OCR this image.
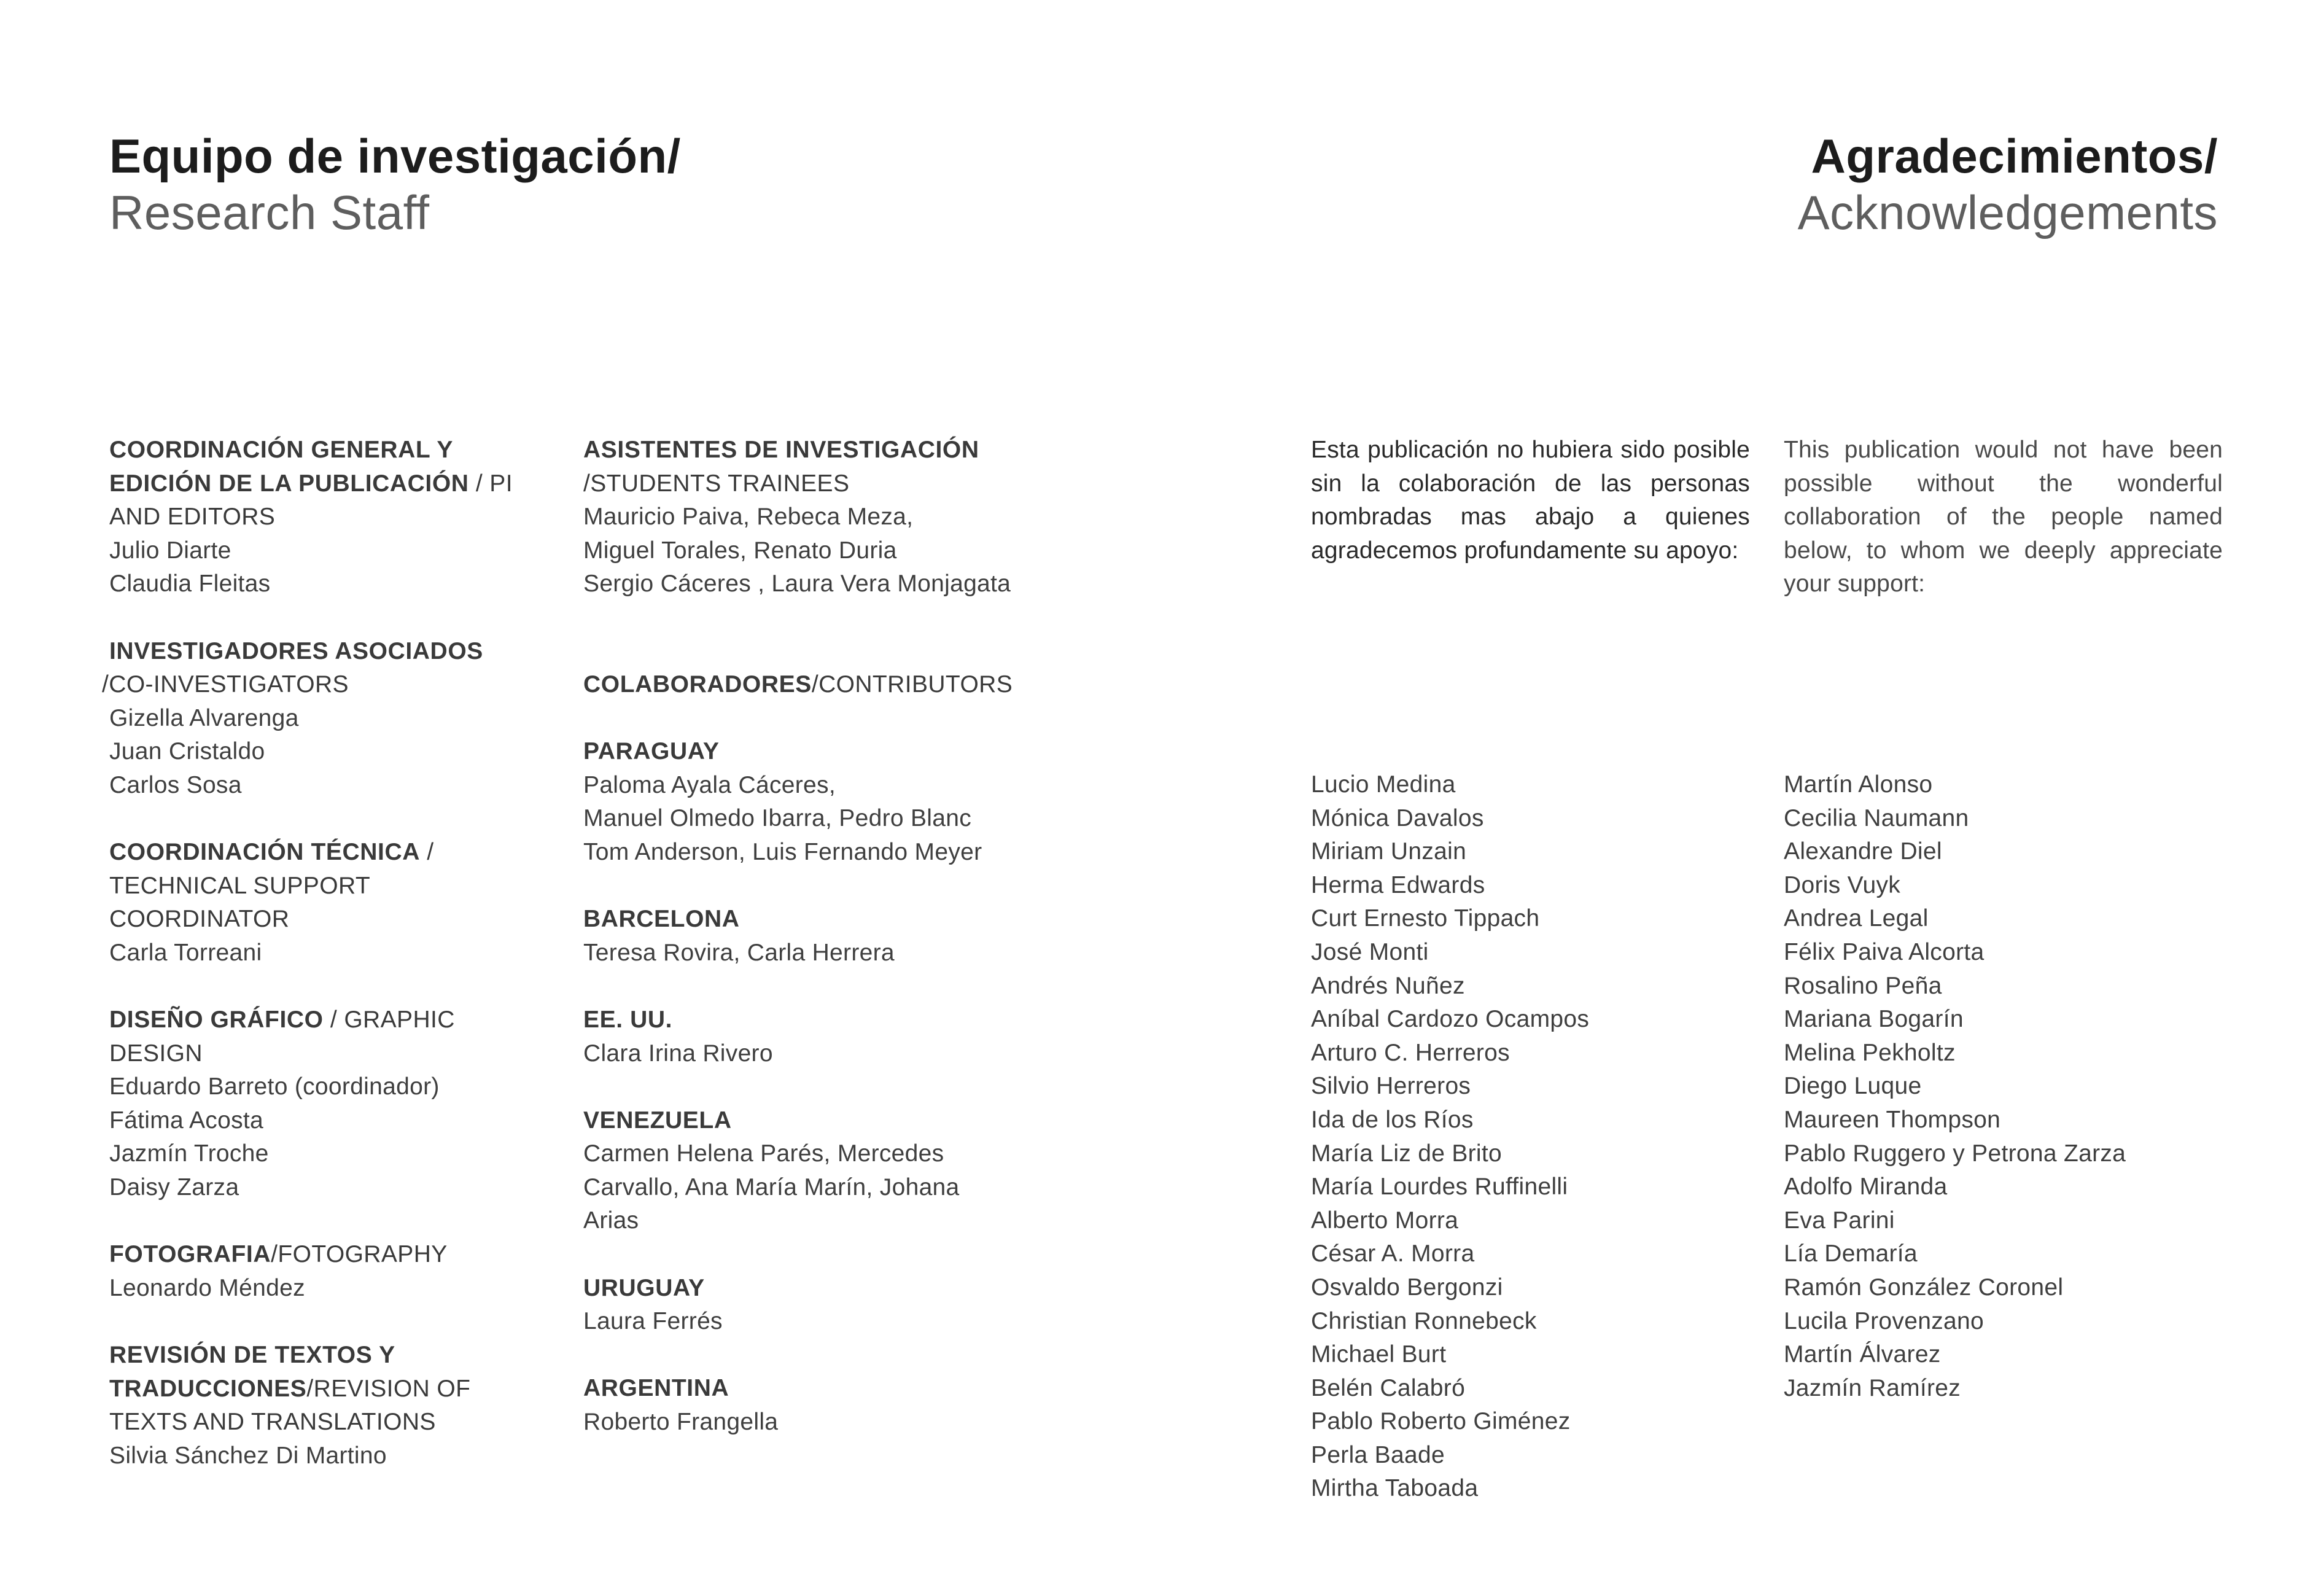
Equipo de investigación/
Research Staff
Agradecimientos/
Acknowledgements
COORDINACIÓN GENERAL Y EDICIÓN DE LA PUBLICACIÓN / PI AND EDITORS
Julio Diarte
Claudia Fleitas
INVESTIGADORES ASOCIADOS
/CO-INVESTIGATORS
Gizella Alvarenga
Juan Cristaldo
Carlos Sosa
COORDINACIÓN TÉCNICA / TECHNICAL SUPPORT COORDINATOR
Carla Torreani
DISEÑO GRÁFICO / GRAPHIC DESIGN
Eduardo Barreto (coordinador)
Fátima Acosta
Jazmín Troche
Daisy Zarza
FOTOGRAFIA/FOTOGRAPHY
Leonardo Méndez
REVISIÓN DE TEXTOS Y TRADUCCIONES/REVISION OF TEXTS AND TRANSLATIONS
Silvia Sánchez Di Martino
ASISTENTES DE INVESTIGACIÓN
/STUDENTS TRAINEES
Mauricio Paiva, Rebeca Meza,
Miguel Torales, Renato Duria
Sergio Cáceres , Laura Vera Monjagata
COLABORADORES/CONTRIBUTORS
PARAGUAY
Paloma Ayala Cáceres,
Manuel Olmedo Ibarra, Pedro Blanc
Tom Anderson, Luis Fernando Meyer
BARCELONA
Teresa Rovira, Carla Herrera
EE. UU.
Clara Irina Rivero
VENEZUELA
Carmen Helena Parés, Mercedes Carvallo, Ana María Marín, Johana Arias
URUGUAY
Laura Ferrés
ARGENTINA
Roberto Frangella

Esta publicación no hubiera sido posible sin la colaboración de las personas nombradas mas abajo a quienes agradecemos profundamente su apoyo:

This publication would not have been possible without the wonderful collaboration of the people named below, to whom we deeply appreciate your support:

Lucio Medina
Mónica Davalos
Miriam Unzain
Herma Edwards
Curt Ernesto Tippach
José Monti
Andrés Nuñez
Aníbal Cardozo Ocampos
Arturo C. Herreros
Silvio Herreros
Ida de los Ríos
María Liz de Brito
María Lourdes Ruffinelli
Alberto Morra
César A. Morra
Osvaldo Bergonzi
Christian Ronnebeck
Michael Burt
Belén Calabró
Pablo Roberto Giménez
Perla Baade
Mirtha Taboada
Martín Alonso
Cecilia Naumann
Alexandre Diel
Doris Vuyk
Andrea Legal
Félix Paiva Alcorta
Rosalino Peña
Mariana Bogarín
Melina Pekholtz
Diego Luque
Maureen Thompson
Pablo Ruggero y Petrona Zarza
Adolfo Miranda
Eva Parini
Lía Demaría
Ramón González Coronel
Lucila Provenzano
Martín Álvarez
Jazmín Ramírez
